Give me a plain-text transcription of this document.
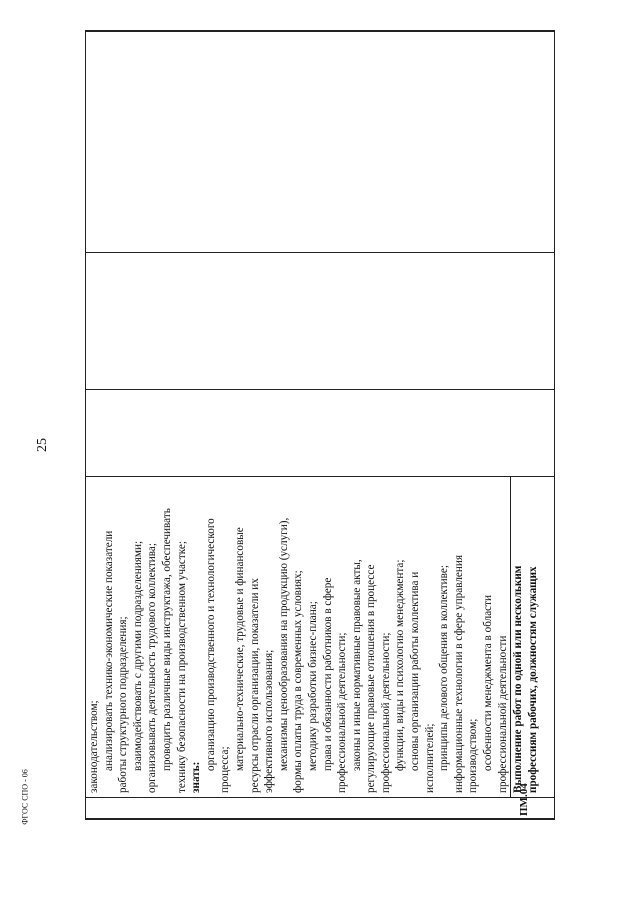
25
ФГОС СПО - 06	ПМ.04
законодательством; анализировать технико-экономические показатели работы структурного подразделения; взаимодействовать с другими подразделениями; организовывать деятельность трудового коллектива; проводить различные виды инструктажа, обеспечивать технику безопасности на производственном участке; знать:
организацию производственного и технологического процесса; материально-технические, трудовые и финансовые ресурсы отрасли организации, показатели их эффективного использования; механизмы ценообразования на продукцию (услуги), формы оплаты труда в современных условиях; методику разработки бизнес-плана; права и обязанности работников в сфере профессиональной деятельности; законы и иные нормативные правовые акты, регулирующие правовые отношения в процессе профессиональной деятельности; функции, виды и психологию менеджмента; основы организации работы коллектива и исполнителей; принципы делового общения в коллективе; информационные технологии в сфере управления производством; особенности менеджмента в области профессиональной деятельности Выполнение работ по одной или нескольким профессиям рабочих, должностям служащих
